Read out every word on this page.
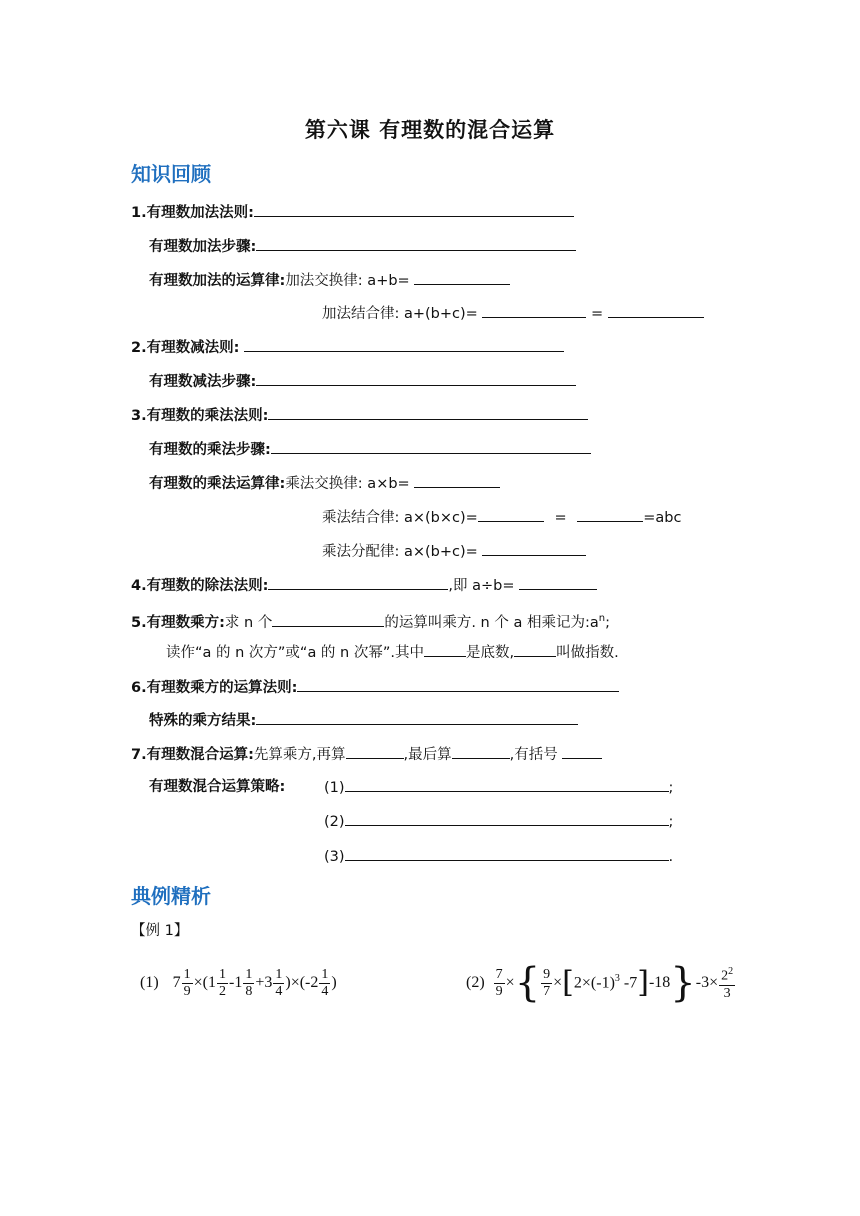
第六课 有理数的混合运算
知识回顾
1.有理数加法法则:
有理数加法步骤:
有理数加法的运算律:加法交换律: a+b=
加法结合律: a+(b+c)=	=
2.有理数减法则:
有理数减法步骤:
3.有理数的乘法法则:
有理数的乘法步骤:
有理数的乘法运算律:乘法交换律: a×b=
乘法结合律: a×(b×c)=	=	=abc
乘法分配律: a×(b+c)=
4.有理数的除法法则:	,即 a÷b=
5.有理数乘方:求 n 个	的运算叫乘方. n 个 a 相乘记为$:a^n$;
读作“a 的 n 次方”或“a 的 n 次幂”.其中	是底数,	叫做指数.
6.有理数乘方的运算法则:
特殊的乘方结果:
7.有理数混合运算:先算乘方,再算	,最后算	,有括号
有理数混合运算策略:	(1)	;
(2)	;
(3)	.
典例精析
【例 1】
(1) $7 \frac{1}{9} \times(1 \frac{1}{2} -1 \frac{1}{8} +3 \frac{1}{4} )\times(-2 \frac{1}{4}$ )	$(2) \frac{7}{9}$ × { $\frac{9}{7}$ × [ $2\times(-1)^3$ -7 ] -18 } $-3\times \frac{2^2}{3}$
